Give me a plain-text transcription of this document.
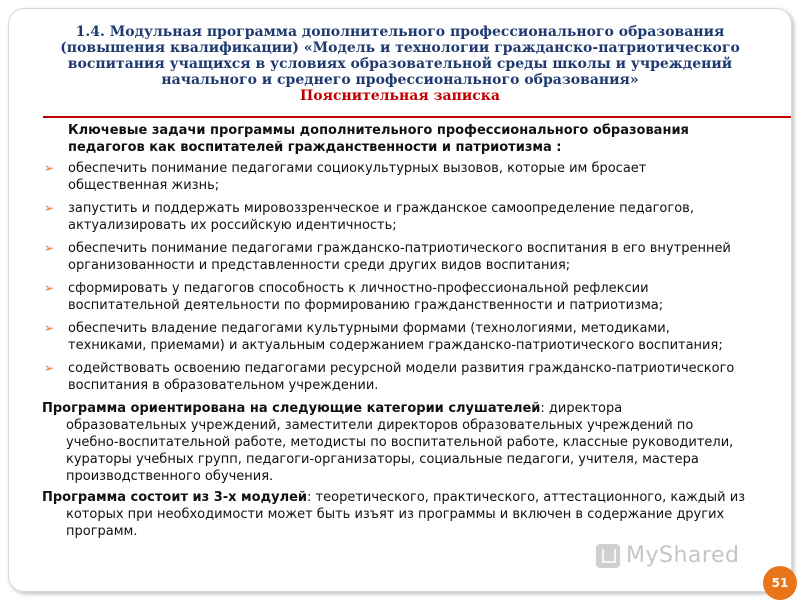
1.4. Модульная программа дополнительного профессионального образования
(повышения квалификации) «Модель и технологии гражданско-патриотического
воспитания учащихся в условиях образовательной среды школы и учреждений
начального и среднего профессионального образования»
Пояснительная записка
Ключевые задачи программы дополнительного профессионального образования педагогов как воспитателей гражданственности и патриотизма :
➢ обеспечить понимание педагогами социокультурных вызовов, которые им бросает общественная жизнь;
➢ запустить и поддержать мировоззренческое и гражданское самоопределение педагогов, актуализировать их российскую идентичность;
➢ обеспечить понимание педагогами гражданско-патриотического воспитания в его внутренней организованности и представленности среди других видов воспитания;
➢ сформировать у педагогов способность к личностно-профессиональной рефлексии воспитательной деятельности по формированию гражданственности и патриотизма;
➢ обеспечить владение педагогами культурными формами (технологиями, методиками, техниками, приемами) и актуальным содержанием гражданско-патриотического воспитания;
➢ содействовать освоению педагогами ресурсной модели развития гражданско-патриотического воспитания в образовательном учреждении.
Программа ориентирована на следующие категории слушателей: директора образовательных учреждений, заместители директоров образовательных учреждений по учебно-воспитательной работе, методисты по воспитательной работе, классные руководители, кураторы учебных групп, педагоги-организаторы, социальные педагоги, учителя, мастера производственного обучения.
Программа состоит из 3-х модулей: теоретического, практического, аттестационного, каждый из которых при необходимости может быть изъят из программы и включен в содержание других программ.
MyShared
51
